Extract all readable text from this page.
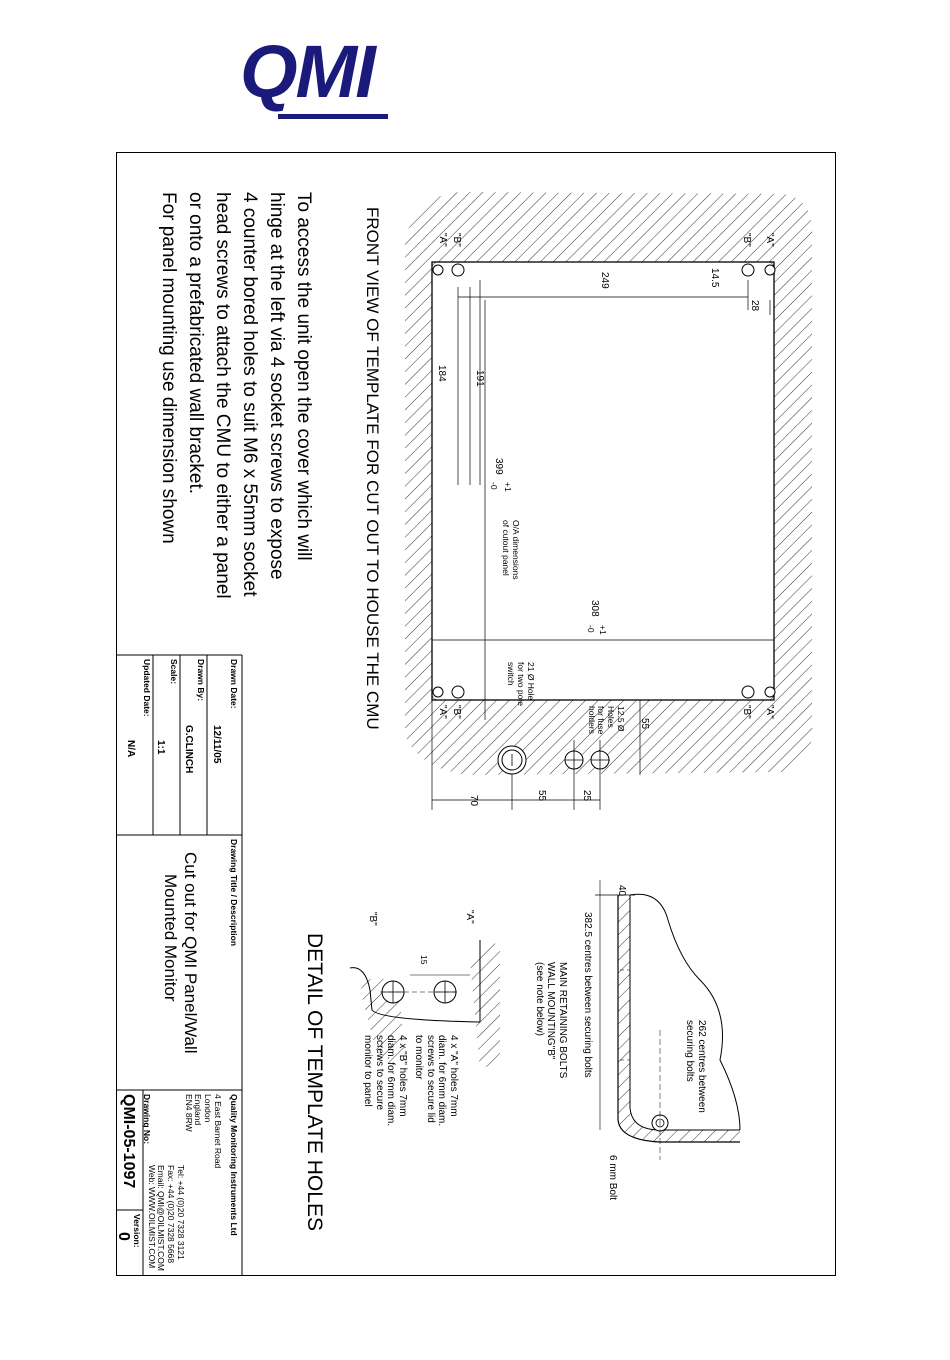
QMI
To access the unit open the cover which will
hinge at the left via 4 socket screws to expose
4 counter bored holes to suit M6 x 55mm socket
head screws to attach the CMU to either a panel
or onto a prefabricated wall bracket.
For panel mounting use dimension shown	FRONT VIEW OF TEMPLATE FOR CUT OUT TO HOUSE THE CMU
DETAIL OF TEMPLATE HOLES
"A"
"B"
"A" "B"
"A"
"B"
"A" "B"
14.5
28
249
191
184
399
+1
-0
308
+1
-0
O/A dimensions
of cutout panel
12.5 Ø
Holes
for fuse
holders
21 Ø Hole
for two pole
switch
55
25
55
70
40
382.5 centres between securing bolts
MAIN RETAINING BOLTS
WALL MOUNTING"B"
(see note below)
262 centres between
securing bolts
6 mm Bolt
"A"
"B"
15
4 x "A" holes 7mm
diam. for 6mm diam.
screws to secure lid
to monitor
4 x "B" holes 7mm
diam. for 6mm diam.
screws to secure
monitor to panel
Drawn Date:
12/11/05
Drawn By:
G.CLINCH
Scale:
1:1
Updated Date:
N/A
Drawing Title / Description
Cut out for QMI Panel/Wall
Mounted Monitor
Quality Monitoring Instruments Ltd
4 East Barnet Road
London
England
EN4 8RW
Tel: +44 (0)20 7328 3121
Fax: +44 (0)20 7328 5668
Email: QMI@OILMIST.COM
Web: WWW.OILMIST.COM
Drawing No:
QMI-05-1097
Version:
0
